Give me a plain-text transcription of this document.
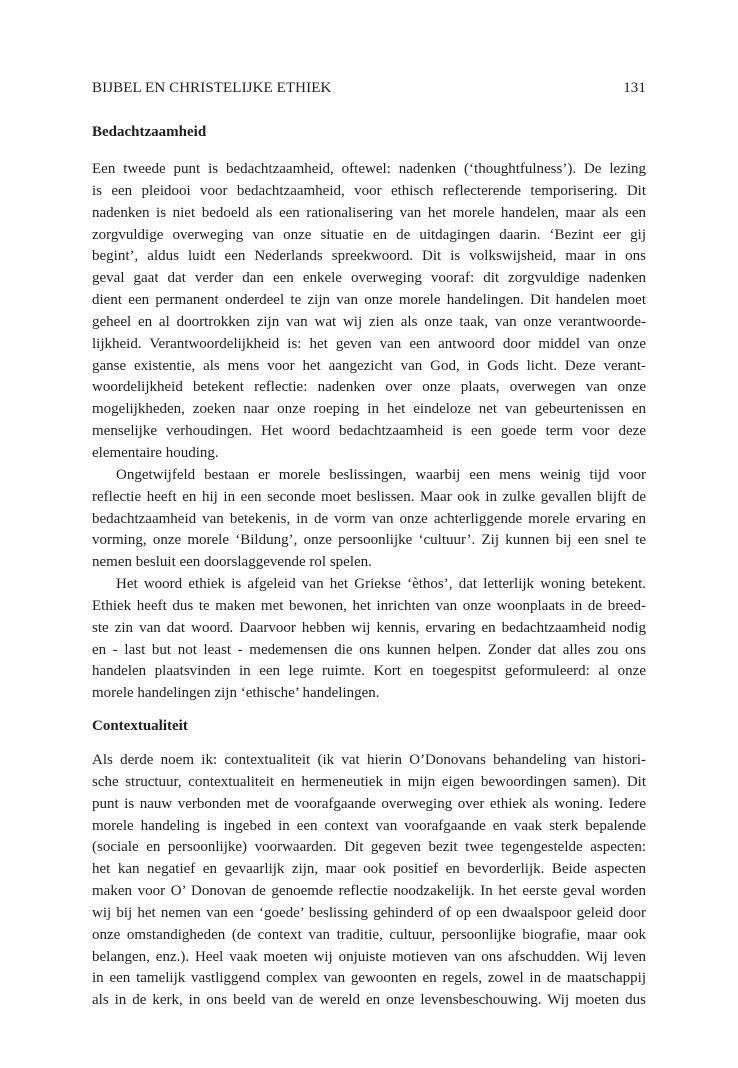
BIJBEL EN CHRISTELIJKE ETHIEK	131
Bedachtzaamheid
Een tweede punt is bedachtzaamheid, oftewel: nadenken (‘thoughtfulness’). De lezing
is een pleidooi voor bedachtzaamheid, voor ethisch reflecterende temporisering. Dit
nadenken is niet bedoeld als een rationalisering van het morele handelen, maar als een
zorgvuldige overweging van onze situatie en de uitdagingen daarin. ‘Bezint eer gij
begint’, aldus luidt een Nederlands spreekwoord. Dit is volkswijsheid, maar in ons
geval gaat dat verder dan een enkele overweging vooraf: dit zorgvuldige nadenken
dient een permanent onderdeel te zijn van onze morele handelingen. Dit handelen moet
geheel en al doortrokken zijn van wat wij zien als onze taak, van onze verantwoorde-
lijkheid. Verantwoordelijkheid is: het geven van een antwoord door middel van onze
ganse existentie, als mens voor het aangezicht van God, in Gods licht. Deze verant-
woordelijkheid betekent reflectie: nadenken over onze plaats, overwegen van onze
mogelijkheden, zoeken naar onze roeping in het eindeloze net van gebeurtenissen en
menselijke verhoudingen. Het woord bedachtzaamheid is een goede term voor deze
elementaire houding.
Ongetwijfeld bestaan er morele beslissingen, waarbij een mens weinig tijd voor
reflectie heeft en hij in een seconde moet beslissen. Maar ook in zulke gevallen blijft de
bedachtzaamheid van betekenis, in de vorm van onze achterliggende morele ervaring en
vorming, onze morele ‘Bildung’, onze persoonlijke ‘cultuur’. Zij kunnen bij een snel te
nemen besluit een doorslaggevende rol spelen.
Het woord ethiek is afgeleid van het Griekse ‘èthos’, dat letterlijk woning betekent.
Ethiek heeft dus te maken met bewonen, het inrichten van onze woonplaats in de breed-
ste zin van dat woord. Daarvoor hebben wij kennis, ervaring en bedachtzaamheid nodig
en - last but not least - medemensen die ons kunnen helpen. Zonder dat alles zou ons
handelen plaatsvinden in een lege ruimte. Kort en toegespitst geformuleerd: al onze
morele handelingen zijn ‘ethische’ handelingen.
Contextualiteit
Als derde noem ik: contextualiteit (ik vat hierin O’Donovans behandeling van histori-
sche structuur, contextualiteit en hermeneutiek in mijn eigen bewoordingen samen). Dit
punt is nauw verbonden met de voorafgaande overweging over ethiek als woning. Iedere
morele handeling is ingebed in een context van voorafgaande en vaak sterk bepalende
(sociale en persoonlijke) voorwaarden. Dit gegeven bezit twee tegengestelde aspecten:
het kan negatief en gevaarlijk zijn, maar ook positief en bevorderlijk. Beide aspecten
maken voor O’ Donovan de genoemde reflectie noodzakelijk. In het eerste geval worden
wij bij het nemen van een ‘goede’ beslissing gehinderd of op een dwaalspoor geleid door
onze omstandigheden (de context van traditie, cultuur, persoonlijke biografie, maar ook
belangen, enz.). Heel vaak moeten wij onjuiste motieven van ons afschudden. Wij leven
in een tamelijk vastliggend complex van gewoonten en regels, zowel in de maatschappij
als in de kerk, in ons beeld van de wereld en onze levensbeschouwing. Wij moeten dus
